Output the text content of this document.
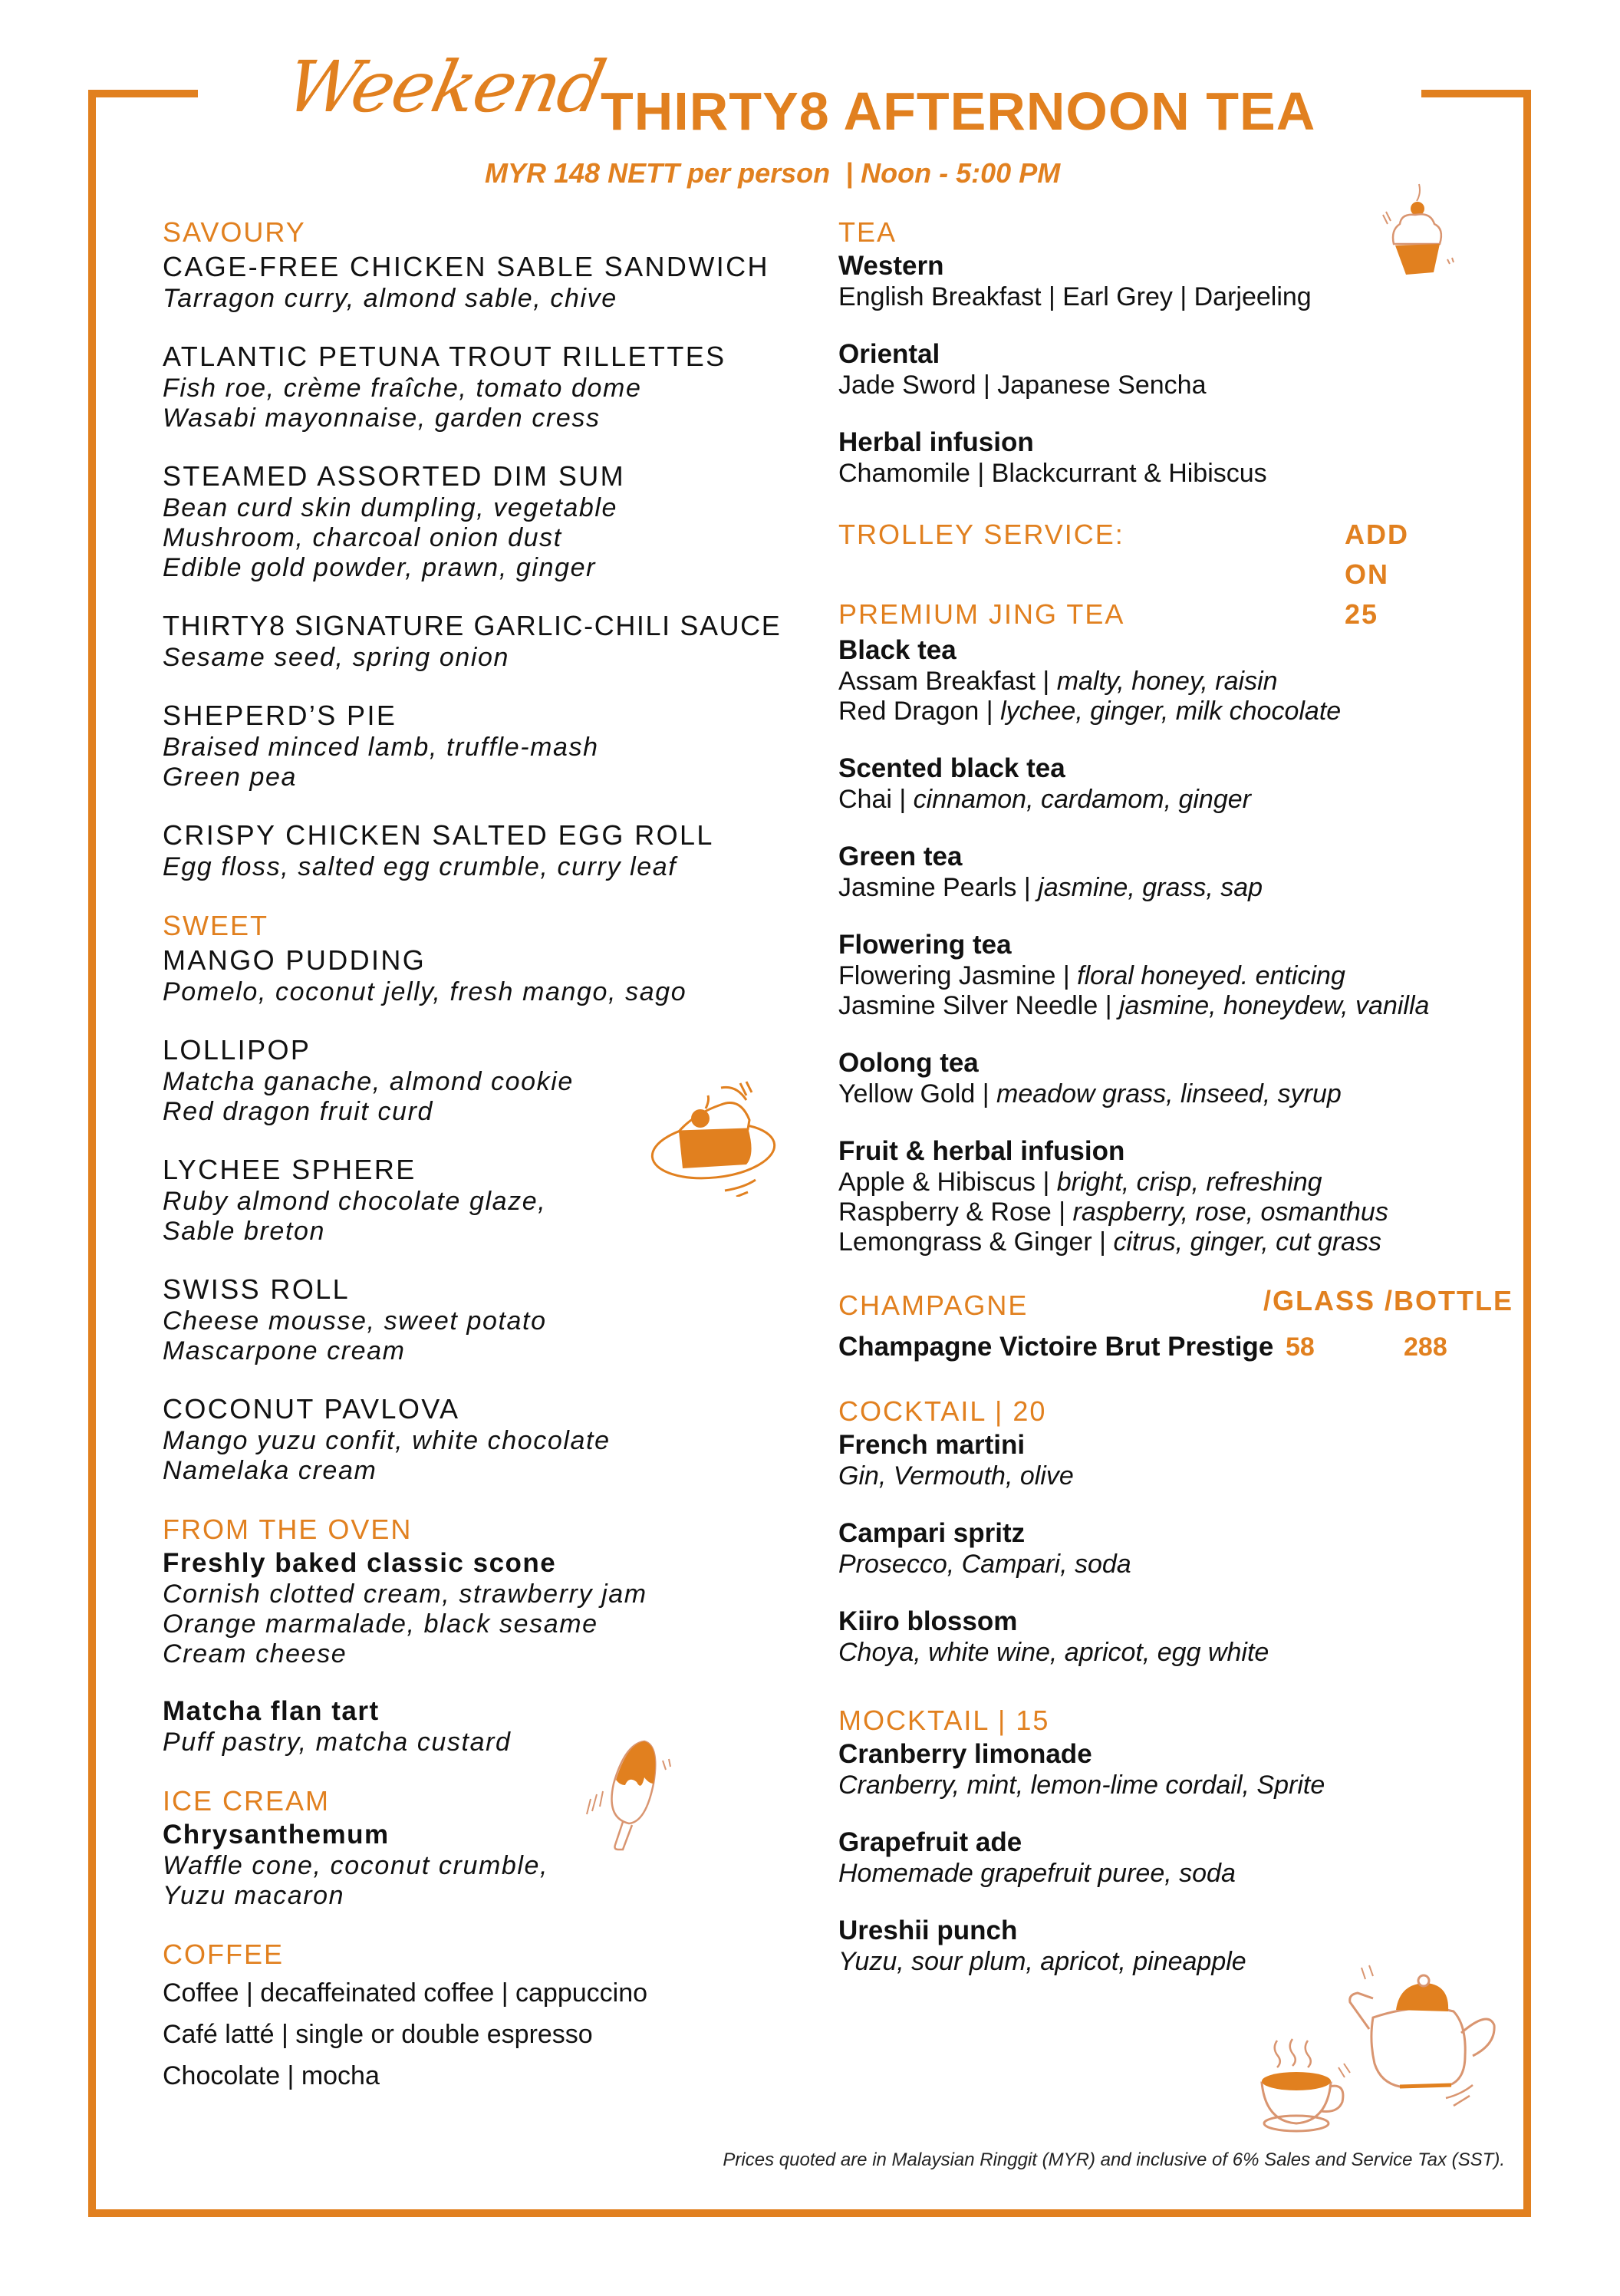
Weekend
THIRTY8 AFTERNOON TEA
MYR 148 NETT per person  | Noon - 5:00 PM
SAVOURY
CAGE-FREE CHICKEN SABLE SANDWICH
Tarragon curry, almond sable, chive
ATLANTIC PETUNA TROUT RILLETTES
Fish roe, crème fraîche, tomato dome
Wasabi mayonnaise, garden cress
STEAMED ASSORTED DIM SUM
Bean curd skin dumpling, vegetable
Mushroom, charcoal onion dust
Edible gold powder, prawn, ginger
THIRTY8 SIGNATURE GARLIC-CHILI SAUCE
Sesame seed, spring onion
SHEPERD’S PIE
Braised minced lamb, truffle-mash
Green pea
CRISPY CHICKEN SALTED EGG ROLL
Egg floss, salted egg crumble, curry leaf
SWEET
MANGO PUDDING
Pomelo, coconut jelly, fresh mango, sago
LOLLIPOP
Matcha ganache, almond cookie
Red dragon fruit curd
LYCHEE SPHERE
Ruby almond chocolate glaze,
Sable breton
SWISS ROLL
Cheese mousse, sweet potato
Mascarpone cream
COCONUT PAVLOVA
Mango yuzu confit, white chocolate
Namelaka cream
FROM THE OVEN
Freshly baked classic scone
Cornish clotted cream, strawberry jam
Orange marmalade, black sesame
Cream cheese
Matcha flan tart
Puff pastry, matcha custard
ICE CREAM
Chrysanthemum
Waffle cone, coconut crumble,
Yuzu macaron
COFFEE
Coffee | decaffeinated coffee | cappuccino
Café latté | single or double espresso
Chocolate | mocha
TEA
Western
English Breakfast | Earl Grey | Darjeeling
Oriental
Jade Sword | Japanese Sencha
Herbal infusion
Chamomile | Blackcurrant & Hibiscus
TROLLEY SERVICE:	ADD ON
PREMIUM JING TEA	25
Black tea
Assam Breakfast | malty, honey, raisin
Red Dragon | lychee, ginger, milk chocolate
Scented black tea
Chai | cinnamon, cardamom, ginger
Green tea
Jasmine Pearls | jasmine, grass, sap
Flowering tea
Flowering Jasmine | floral honeyed. enticing
Jasmine Silver Needle | jasmine, honeydew, vanilla
Oolong tea
Yellow Gold | meadow grass, linseed, syrup
Fruit & herbal infusion
Apple & Hibiscus | bright, crisp, refreshing
Raspberry & Rose | raspberry, rose, osmanthus
Lemongrass & Ginger | citrus, ginger, cut grass
CHAMPAGNE	/GLASS /BOTTLE
Champagne Victoire Brut Prestige 58	288
COCKTAIL | 20
French martini
Gin, Vermouth, olive
Campari spritz
Prosecco, Campari, soda
Kiiro blossom
Choya, white wine, apricot, egg white
MOCKTAIL | 15
Cranberry limonade
Cranberry, mint, lemon-lime cordail, Sprite
Grapefruit ade
Homemade grapefruit puree, soda
Ureshii punch
Yuzu, sour plum, apricot, pineapple
Prices quoted are in Malaysian Ringgit (MYR) and inclusive of 6% Sales and Service Tax (SST).
